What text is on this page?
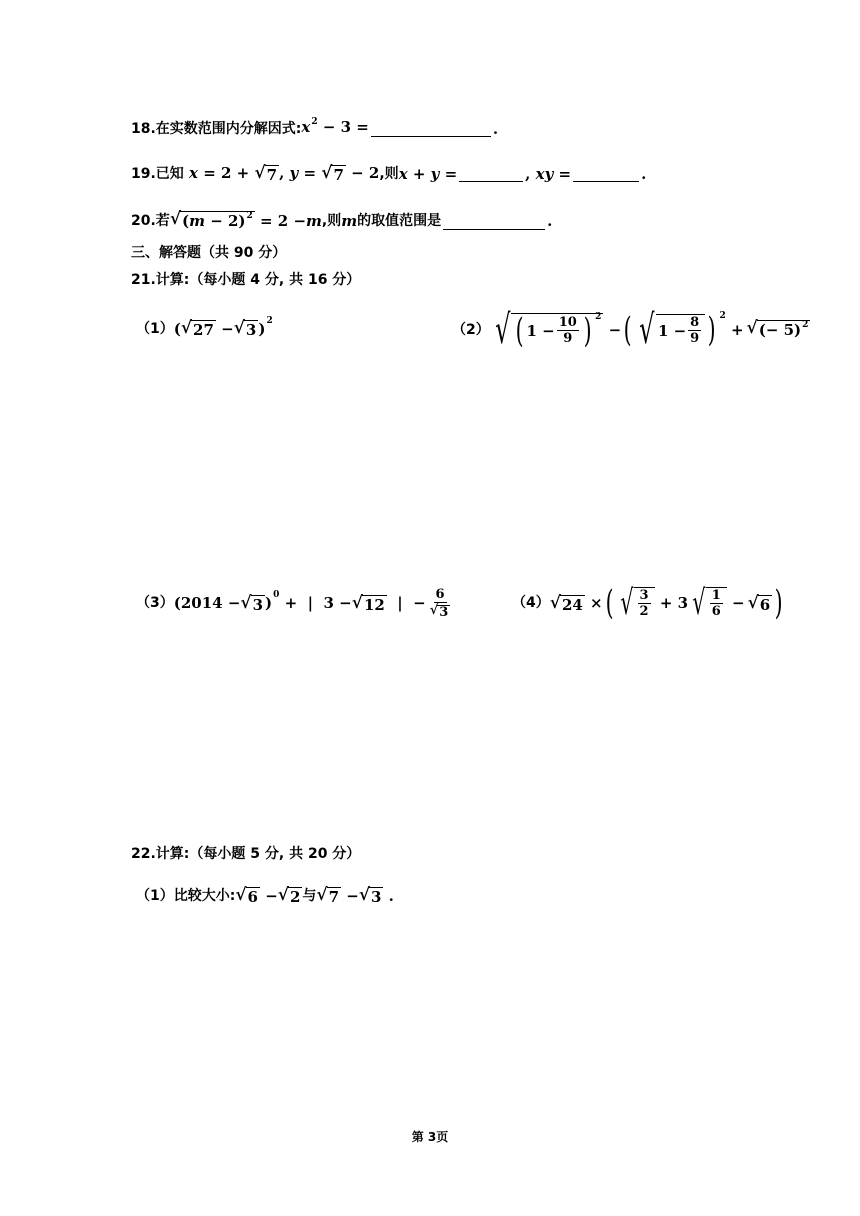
18.在实数范围内分解因式: $x^2 - 3$ =	.
19.已知 x = 2 + √ 7 , y = √ 7 − 2 ,则 x + y =	, xy =	.
20.若 √ $(m - 2)^2 = 2 - m$ ,则 m 的取值范围是	.
三、解答题（共 90 分）
21.计算:（每小题 4 分, 共 16 分）
（1） ( √ 27 − √ 3 ) 2
（2） √ ( $1 - \frac{10}{9}$ ) 2
− ( √ $1 - \frac{8}{9}$ ) 2
+ √ (− 5)$^2$
（3） (2014 − √ 3 ) 0 +  |  3 − √ 12 |  − $\frac{6}{√ 3}$	（4） √ 24 × ( √ $\frac{3}{2} + 3$ √ $\frac{1}{6}$ − √ 6 )
22.计算:（每小题 5 分, 共 20 分）
（1） 比较大小: √ 6 − √ 2 与 √ 7 − √ 3 .
第 3页
